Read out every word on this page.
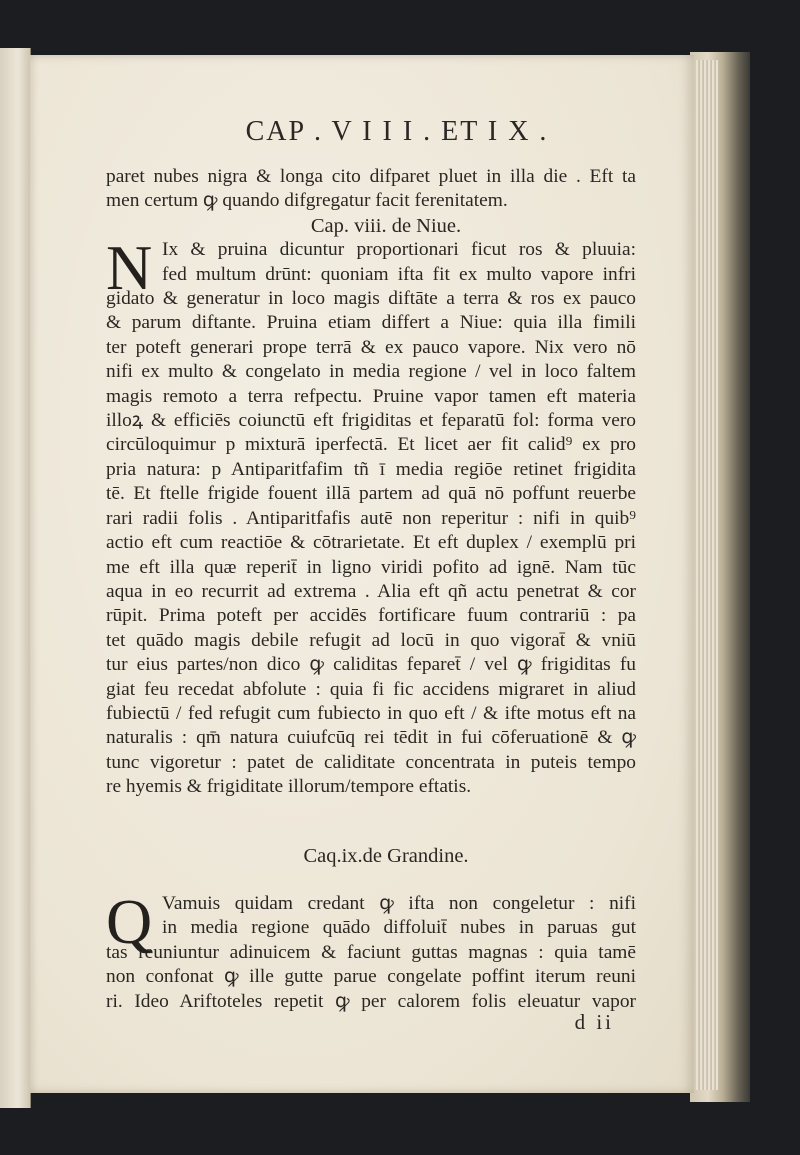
CAP . V I I I . ET I X .
paret nubes nigra & longa cito difparet pluet in illa die . Eft ta
men certum ꝙ quando difgregatur facit ferenitatem.
Cap. viii. de Niue.
N Ix & pruina dicuntur proportionari ficut ros & pluuia:
fed multum drūnt: quoniam ifta fit ex multo vapore infri
gidato & generatur in loco magis diftāte a terra & ros ex pauco
& parum diftante. Pruina etiam differt a Niue: quia illa fimili
ter poteft generari prope terrā & ex pauco vapore. Nix vero nō
nifi ex multo & congelato in media regione / vel in loco faltem
magis remoto a terra refpectu. Pruine vapor tamen eft materia
illoꝝ & efficiēs coiunctū eft frigiditas et feparatū fol: forma vero
circūloquimur p mixturā iperfectā. Et licet aer fit calid⁹ ex pro
pria natura: p Antiparitfafim tñ ī media regiōe retinet frigidita
tē. Et ftelle frigide fouent illā partem ad quā nō poffunt reuerbe
rari radii folis . Antiparitfafis autē non reperitur : nifi in quib⁹
actio eft cum reactiōe & cōtrarietate. Et eft duplex / exemplū pri
me eft illa quæ reperit̄ in ligno viridi pofito ad ignē. Nam tūc
aqua in eo recurrit ad extrema . Alia eft qñ actu penetrat & cor
rūpit. Prima poteft per accidēs fortificare fuum contrariū : pa
tet quādo magis debile refugit ad locū in quo vigorat̄ & vniū
tur eius partes/non dico ꝙ caliditas feparet̄ / vel ꝙ frigiditas fu
giat feu recedat abfolute : quia fi fic accidens migraret in aliud
fubiectū / fed refugit cum fubiecto in quo eft / & ifte motus eft na
naturalis : qm̄ natura cuiufcūq rei tēdit in fui cōferuationē & ꝙ
tunc vigoretur : patet de caliditate concentrata in puteis tempo
re hyemis & frigiditate illorum/tempore eftatis.
Caq.ix.de Grandine.
Q Vamuis quidam credant ꝙ ifta non congeletur : nifi
in media regione quādo diffoluit̄ nubes in paruas gut
tas reuniuntur adinuicem & faciunt guttas magnas : quia tamē
non confonat ꝙ ille gutte parue congelate poffint iterum reuni
ri. Ideo Ariftoteles repetit ꝙ per calorem folis eleuatur vapor
d ii
